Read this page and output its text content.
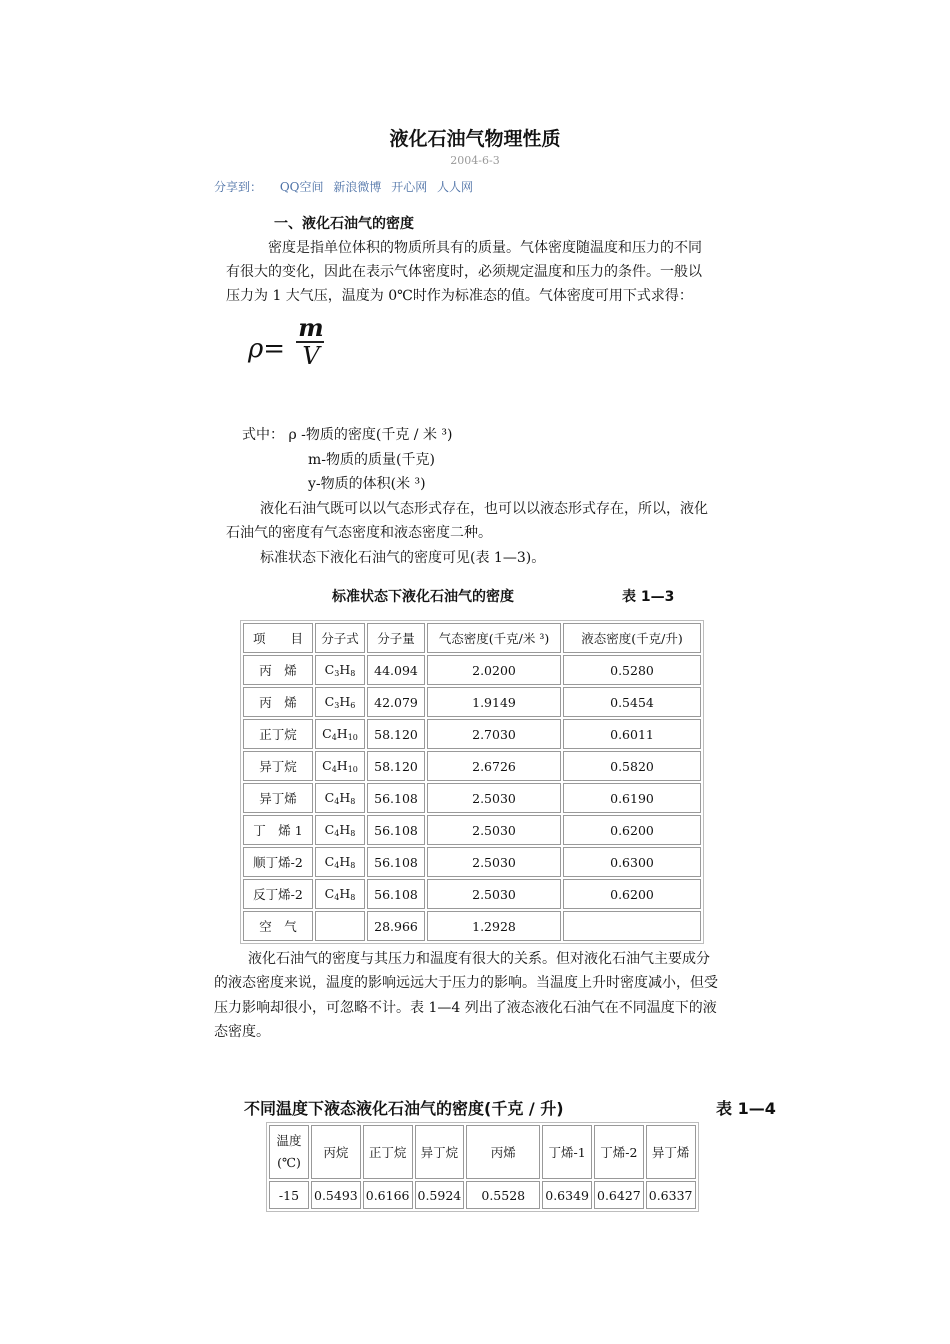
液化石油气物理性质
2004-6-3
分享到： QQ空间 新浪微博 开心网 人人网
一、液化石油气的密度
密度是指单位体积的物质所具有的质量。气体密度随温度和压力的不同
有很大的变化，因此在表示气体密度时，必须规定温度和压力的条件。一般以
压力为 1 大气压，温度为 0℃时作为标准态的值。气体密度可用下式求得：
ρ=
m
V
式中： ρ -物质的密度(千克 / 米 ³)
m-物质的质量(千克)
y-物质的体积(米 ³)
液化石油气既可以以气态形式存在，也可以以液态形式存在，所以，液化
石油气的密度有气态密度和液态密度二种。
标准状态下液化石油气的密度可见(表 1—3)。
标准状态下液化石油气的密度	表 1—3
项　　目	分子式	分子量	气态密度(千克/米 ³)	液态密度(千克/升)
丙　烯	$C_3H_8$	44.094	2.0200	0.5280
丙　烯	$C_3H_6$	42.079	1.9149	0.5454
正丁烷	$C_4H_{10}$	58.120	2.7030	0.6011
异丁烷	$C_4H_{10}$	58.120	2.6726	0.5820
异丁烯	$C_4H_8$	56.108	2.5030	0.6190
丁　烯 1	$C_4H_8$	56.108	2.5030	0.6200
顺丁烯-2	$C_4H_8$	56.108	2.5030	0.6300
反丁烯-2	$C_4H_8$	56.108	2.5030	0.6200
空　气		28.966	1.2928	
液化石油气的密度与其压力和温度有很大的关系。但对液化石油气主要成分
的液态密度来说，温度的影响远远大于压力的影响。当温度上升时密度减小，但受
压力影响却很小，可忽略不计。表 1—4 列出了液态液化石油气在不同温度下的液
态密度。
不同温度下液态液化石油气的密度(千克 / 升)	表 1—4
温度(℃)	丙烷	正丁烷	异丁烷	丙烯	丁烯-1	丁烯-2	异丁烯
-15	0.5493	0.6166	0.5924	0.5528	0.6349	0.6427	0.6337
